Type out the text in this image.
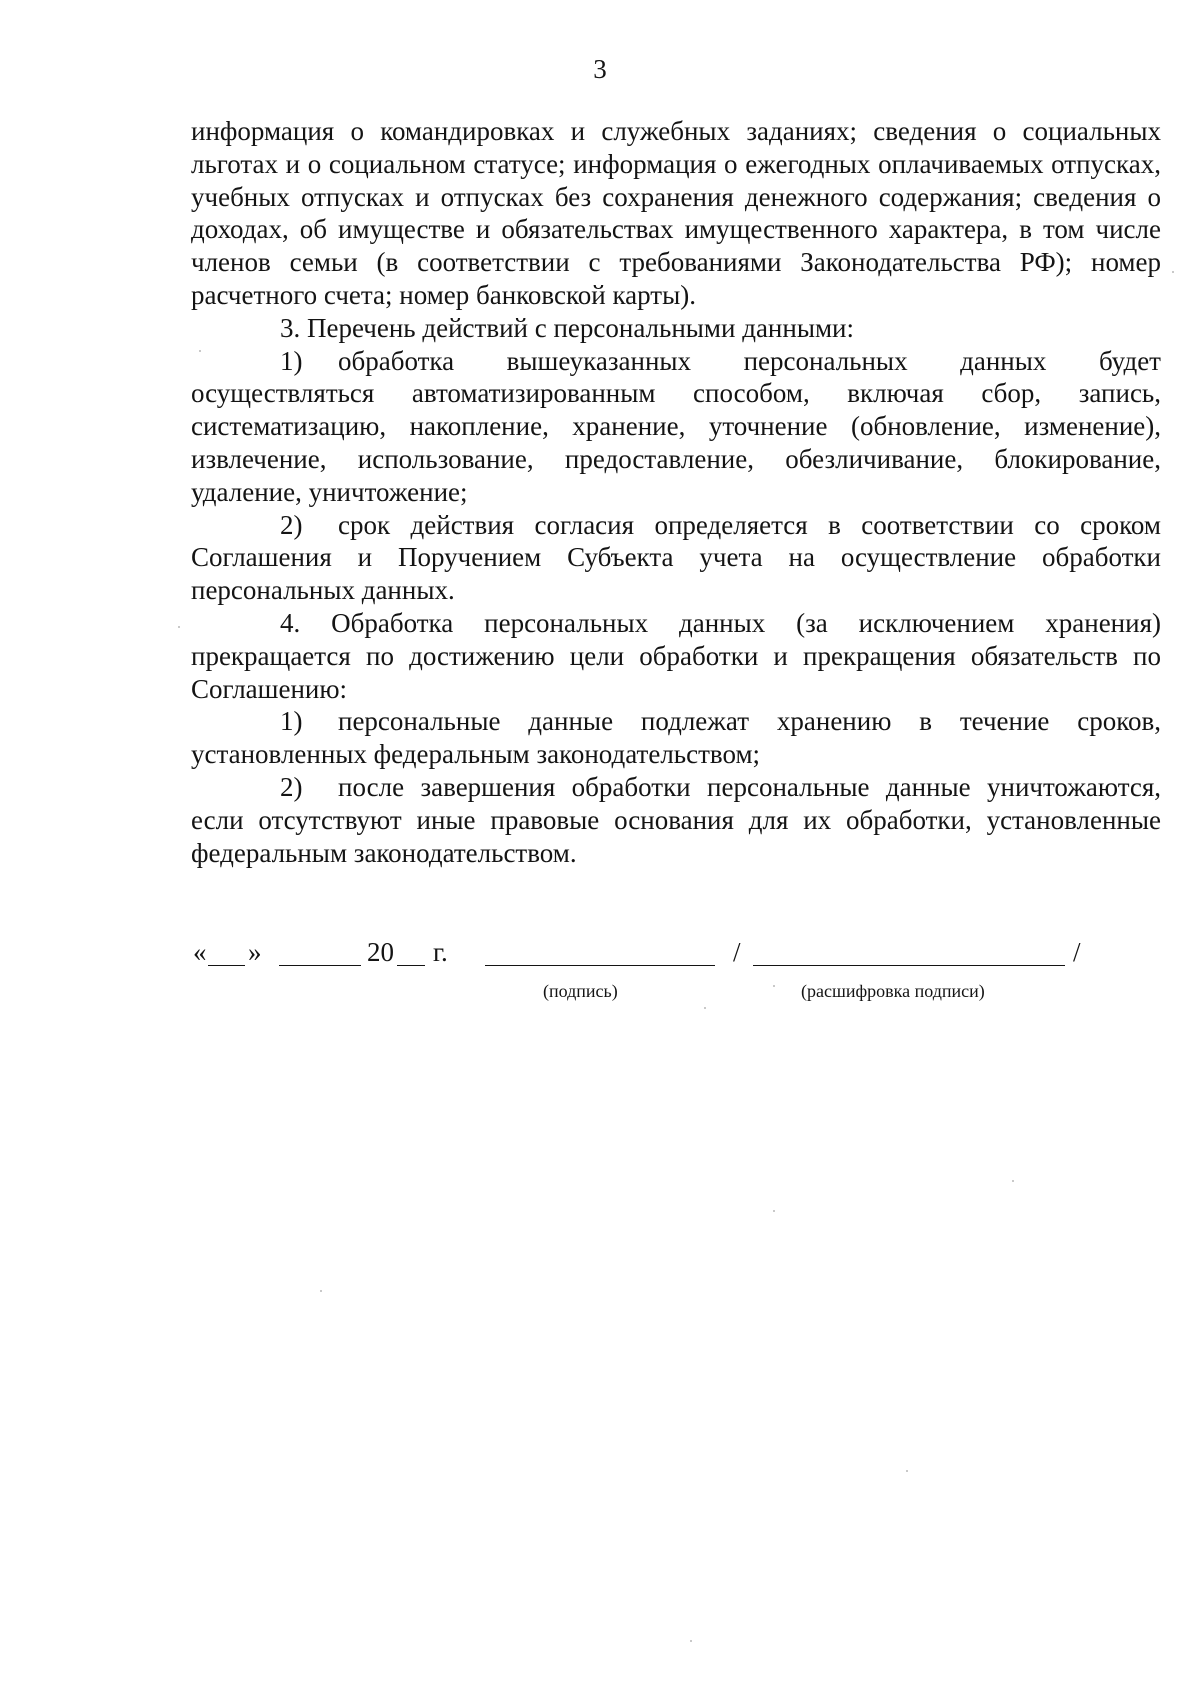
3

информация о командировках и служебных заданиях; сведения о социальных льготах и о социальном статусе; информация о ежегодных оплачиваемых отпусках, учебных отпусках и отпусках без сохранения денежного содержания; сведения о доходах, об имуществе и обязательствах имущественного характера, в том числе членов семьи (в соответствии с требованиями Законодательства РФ); номер расчетного счета; номер банковской карты).

3. Перечень действий с персональными данными:

1) обработка вышеуказанных персональных данных будет осуществляться автоматизированным способом, включая сбор, запись, систематизацию, накопление, хранение, уточнение (обновление, изменение), извлечение, использование, предоставление, обезличивание, блокирование, удаление, уничтожение;

2) срок действия согласия определяется в соответствии со сроком Соглашения и Поручением Субъекта учета на осуществление обработки персональных данных.

4. Обработка персональных данных (за исключением хранения) прекращается по достижению цели обработки и прекращения обязательств по Соглашению:

1) персональные данные подлежат хранению в течение сроков, установленных федеральным законодательством;

2) после завершения обработки персональные данные уничтожаются, если отсутствуют иные правовые основания для их обработки, установленные федеральным законодательством.

« »	20 г.	/	/
(подпись)	(расшифровка подписи)
